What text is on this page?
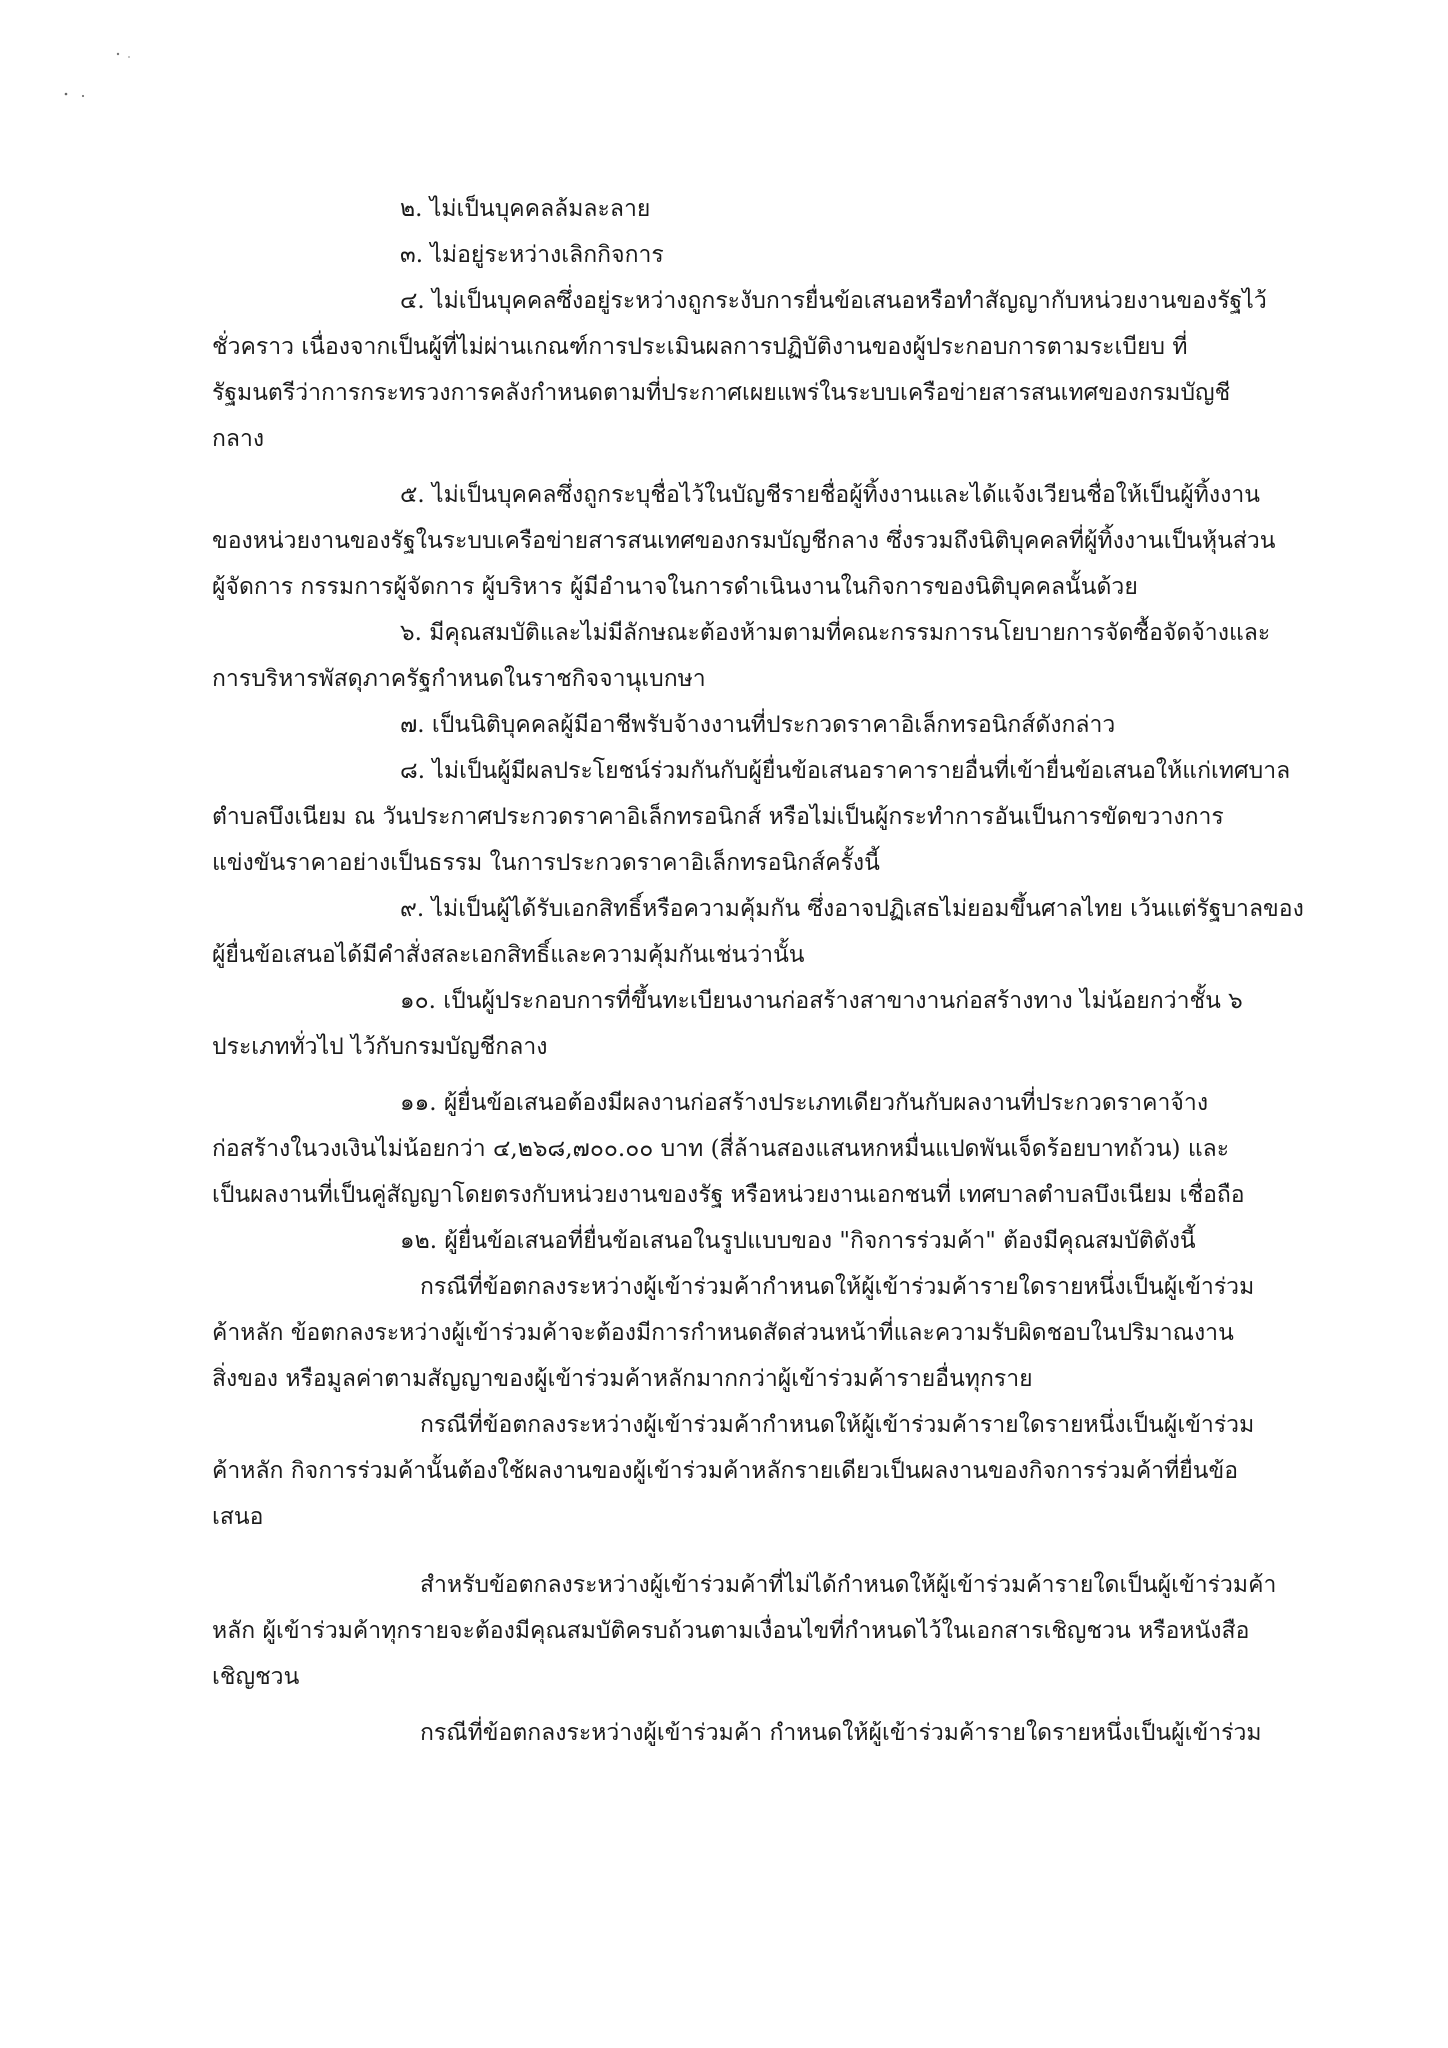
๒. ไม่เป็นบุคคลล้มละลาย
๓. ไม่อยู่ระหว่างเลิกกิจการ
๔. ไม่เป็นบุคคลซึ่งอยู่ระหว่างถูกระงับการยื่นข้อเสนอหรือทำสัญญากับหน่วยงานของรัฐไว้
ชั่วคราว เนื่องจากเป็นผู้ที่ไม่ผ่านเกณฑ์การประเมินผลการปฏิบัติงานของผู้ประกอบการตามระเบียบ ที่
รัฐมนตรีว่าการกระทรวงการคลังกำหนดตามที่ประกาศเผยแพร่ในระบบเครือข่ายสารสนเทศของกรมบัญชี
กลาง
๕. ไม่เป็นบุคคลซึ่งถูกระบุชื่อไว้ในบัญชีรายชื่อผู้ทิ้งงานและได้แจ้งเวียนชื่อให้เป็นผู้ทิ้งงาน
ของหน่วยงานของรัฐในระบบเครือข่ายสารสนเทศของกรมบัญชีกลาง ซึ่งรวมถึงนิติบุคคลที่ผู้ทิ้งงานเป็นหุ้นส่วน
ผู้จัดการ กรรมการผู้จัดการ ผู้บริหาร ผู้มีอำนาจในการดำเนินงานในกิจการของนิติบุคคลนั้นด้วย
๖. มีคุณสมบัติและไม่มีลักษณะต้องห้ามตามที่คณะกรรมการนโยบายการจัดซื้อจัดจ้างและ
การบริหารพัสดุภาครัฐกำหนดในราชกิจจานุเบกษา
๗. เป็นนิติบุคคลผู้มีอาชีพรับจ้างงานที่ประกวดราคาอิเล็กทรอนิกส์ดังกล่าว
๘. ไม่เป็นผู้มีผลประโยชน์ร่วมกันกับผู้ยื่นข้อเสนอราคารายอื่นที่เข้ายื่นข้อเสนอให้แก่เทศบาล
ตำบลบึงเนียม ณ วันประกาศประกวดราคาอิเล็กทรอนิกส์ หรือไม่เป็นผู้กระทำการอันเป็นการขัดขวางการ
แข่งขันราคาอย่างเป็นธรรม ในการประกวดราคาอิเล็กทรอนิกส์ครั้งนี้
๙. ไม่เป็นผู้ได้รับเอกสิทธิ์หรือความคุ้มกัน ซึ่งอาจปฏิเสธไม่ยอมขึ้นศาลไทย เว้นแต่รัฐบาลของ
ผู้ยื่นข้อเสนอได้มีคำสั่งสละเอกสิทธิ์และความคุ้มกันเช่นว่านั้น
๑๐. เป็นผู้ประกอบการที่ขึ้นทะเบียนงานก่อสร้างสาขางานก่อสร้างทาง ไม่น้อยกว่าชั้น ๖
ประเภททั่วไป ไว้กับกรมบัญชีกลาง
๑๑. ผู้ยื่นข้อเสนอต้องมีผลงานก่อสร้างประเภทเดียวกันกับผลงานที่ประกวดราคาจ้าง
ก่อสร้างในวงเงินไม่น้อยกว่า ๔,๒๖๘,๗๐๐.๐๐ บาท (สี่ล้านสองแสนหกหมื่นแปดพันเจ็ดร้อยบาทถ้วน) และ
เป็นผลงานที่เป็นคู่สัญญาโดยตรงกับหน่วยงานของรัฐ หรือหน่วยงานเอกชนที่ เทศบาลตำบลบึงเนียม เชื่อถือ
๑๒. ผู้ยื่นข้อเสนอที่ยื่นข้อเสนอในรูปแบบของ "กิจการร่วมค้า" ต้องมีคุณสมบัติดังนี้
กรณีที่ข้อตกลงระหว่างผู้เข้าร่วมค้ากำหนดให้ผู้เข้าร่วมค้ารายใดรายหนึ่งเป็นผู้เข้าร่วม
ค้าหลัก ข้อตกลงระหว่างผู้เข้าร่วมค้าจะต้องมีการกำหนดสัดส่วนหน้าที่และความรับผิดชอบในปริมาณงาน
สิ่งของ หรือมูลค่าตามสัญญาของผู้เข้าร่วมค้าหลักมากกว่าผู้เข้าร่วมค้ารายอื่นทุกราย
กรณีที่ข้อตกลงระหว่างผู้เข้าร่วมค้ากำหนดให้ผู้เข้าร่วมค้ารายใดรายหนึ่งเป็นผู้เข้าร่วม
ค้าหลัก กิจการร่วมค้านั้นต้องใช้ผลงานของผู้เข้าร่วมค้าหลักรายเดียวเป็นผลงานของกิจการร่วมค้าที่ยื่นข้อ
เสนอ
สำหรับข้อตกลงระหว่างผู้เข้าร่วมค้าที่ไม่ได้กำหนดให้ผู้เข้าร่วมค้ารายใดเป็นผู้เข้าร่วมค้า
หลัก ผู้เข้าร่วมค้าทุกรายจะต้องมีคุณสมบัติครบถ้วนตามเงื่อนไขที่กำหนดไว้ในเอกสารเชิญชวน หรือหนังสือ
เชิญชวน
กรณีที่ข้อตกลงระหว่างผู้เข้าร่วมค้า กำหนดให้ผู้เข้าร่วมค้ารายใดรายหนึ่งเป็นผู้เข้าร่วม
